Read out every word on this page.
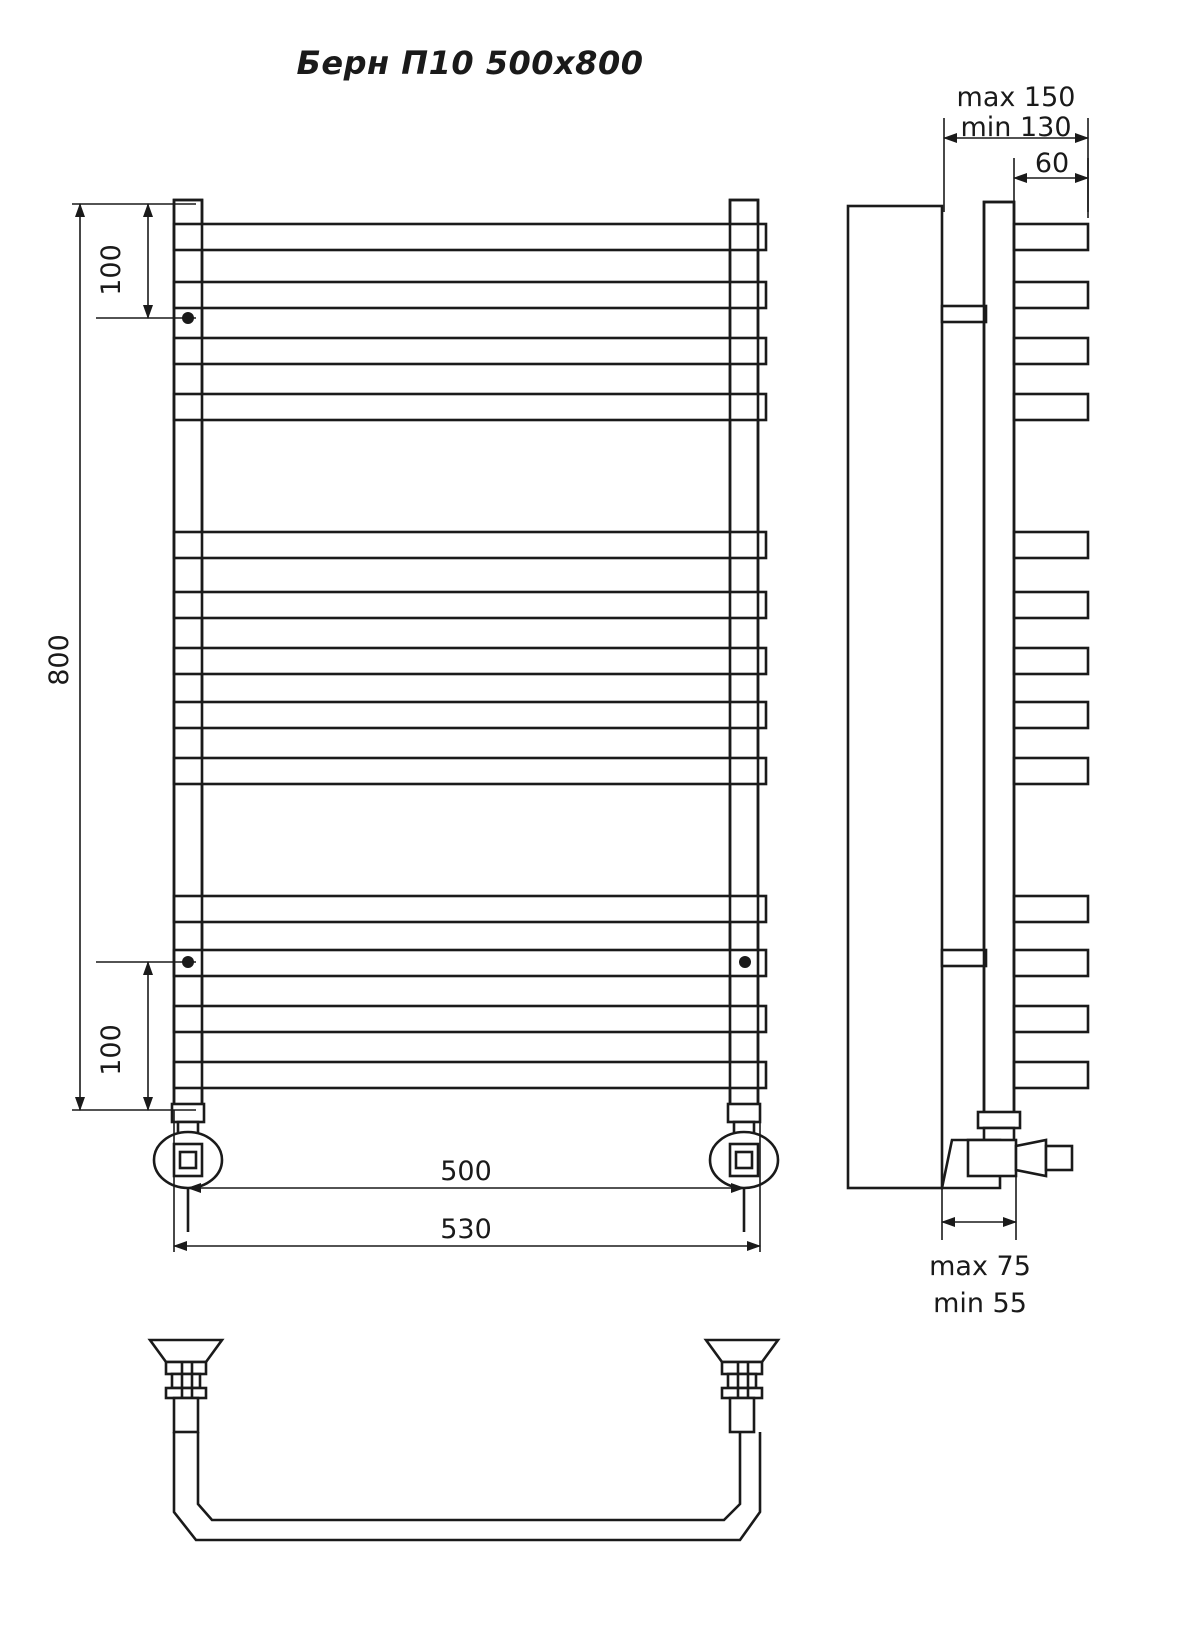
Берн П10 500x800
100
100
800
500
530
max 150
min 130
60
max 75
min 55
